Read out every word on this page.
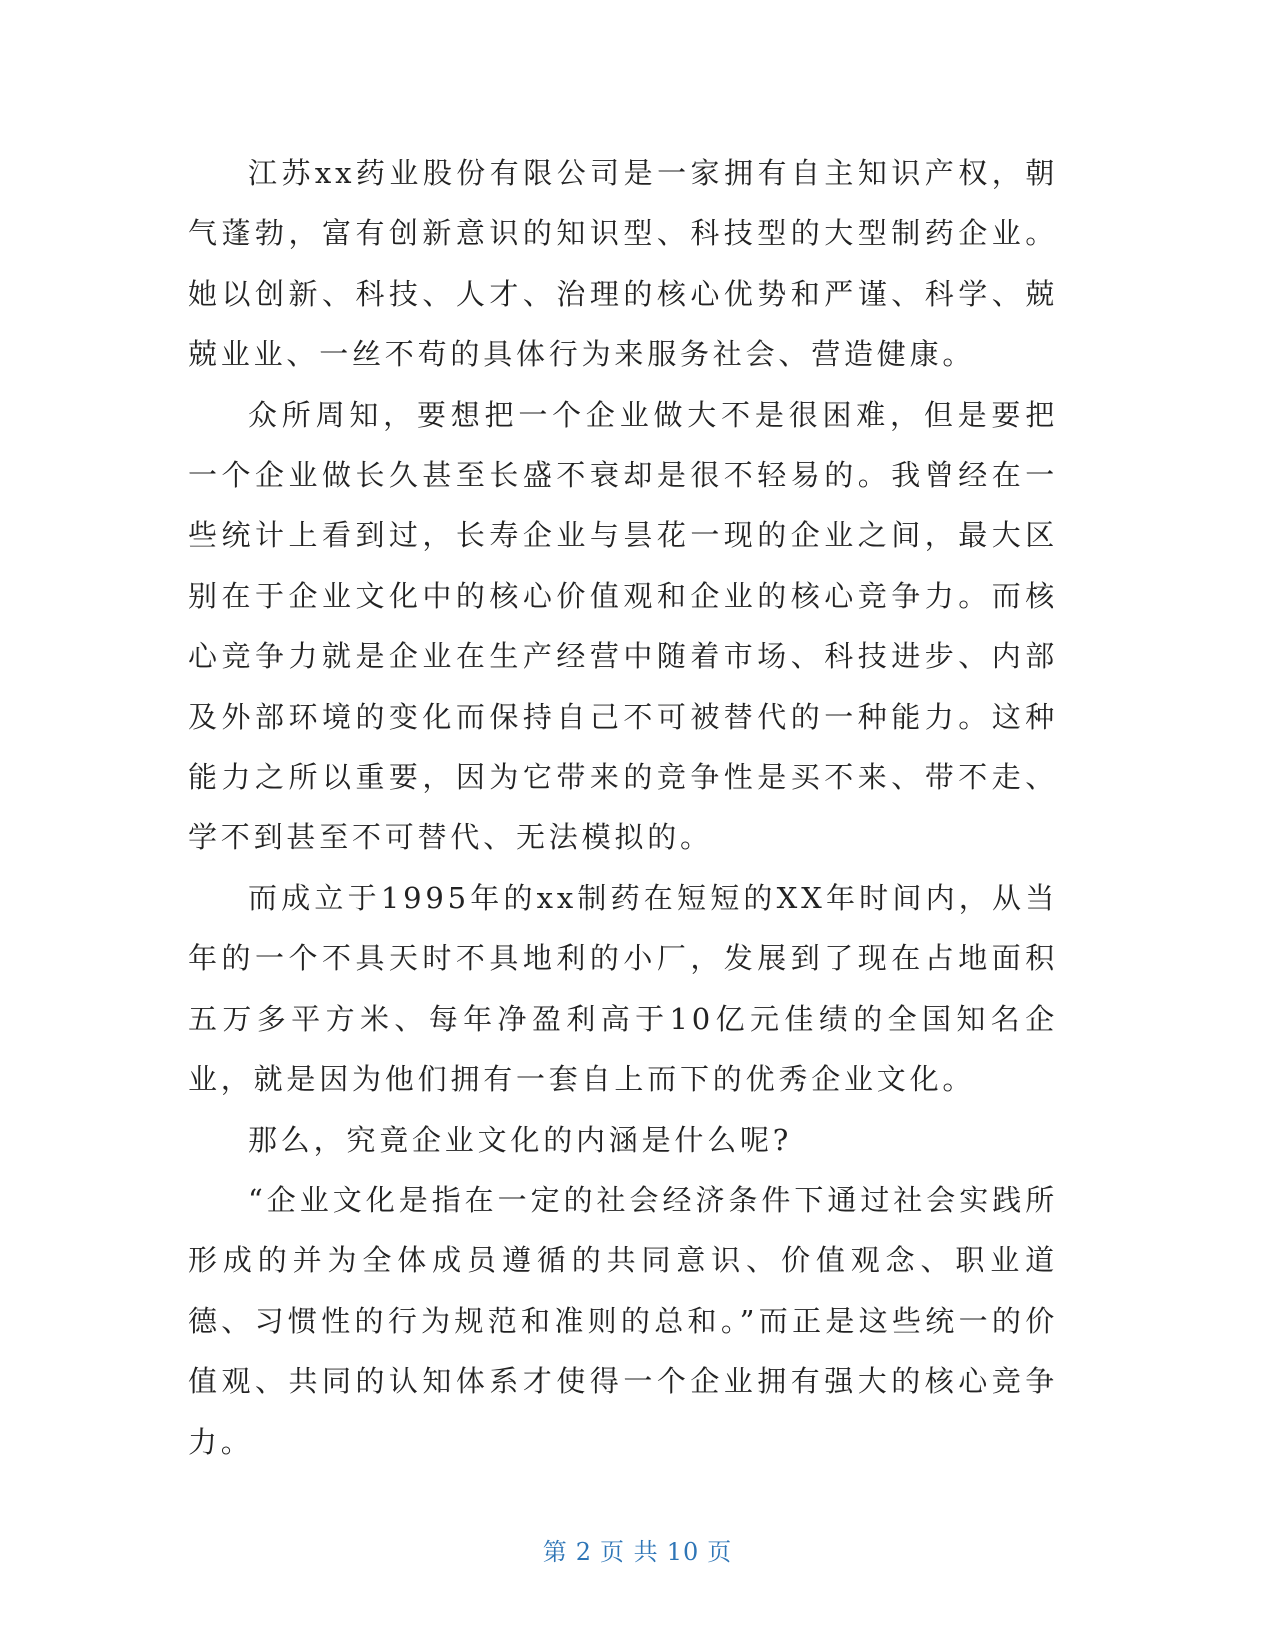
江苏xx药业股份有限公司是一家拥有自主知识产权，朝气蓬勃，富有创新意识的知识型、科技型的大型制药企业。她以创新、科技、人才、治理的核心优势和严谨、科学、兢兢业业、一丝不苟的具体行为来服务社会、营造健康。

众所周知，要想把一个企业做大不是很困难，但是要把一个企业做长久甚至长盛不衰却是很不轻易的。我曾经在一些统计上看到过，长寿企业与昙花一现的企业之间，最大区别在于企业文化中的核心价值观和企业的核心竞争力。而核心竞争力就是企业在生产经营中随着市场、科技进步、内部及外部环境的变化而保持自己不可被替代的一种能力。这种能力之所以重要，因为它带来的竞争性是买不来、带不走、学不到甚至不可替代、无法模拟的。

而成立于1995年的xx制药在短短的XX年时间内，从当年的一个不具天时不具地利的小厂，发展到了现在占地面积五万多平方米、每年净盈利高于10亿元佳绩的全国知名企业，就是因为他们拥有一套自上而下的优秀企业文化。

那么，究竟企业文化的内涵是什么呢?

“企业文化是指在一定的社会经济条件下通过社会实践所形成的并为全体成员遵循的共同意识、价值观念、职业道德、习惯性的行为规范和准则的总和。”而正是这些统一的价值观、共同的认知体系才使得一个企业拥有强大的核心竞争力。

第 2 页 共 10 页
